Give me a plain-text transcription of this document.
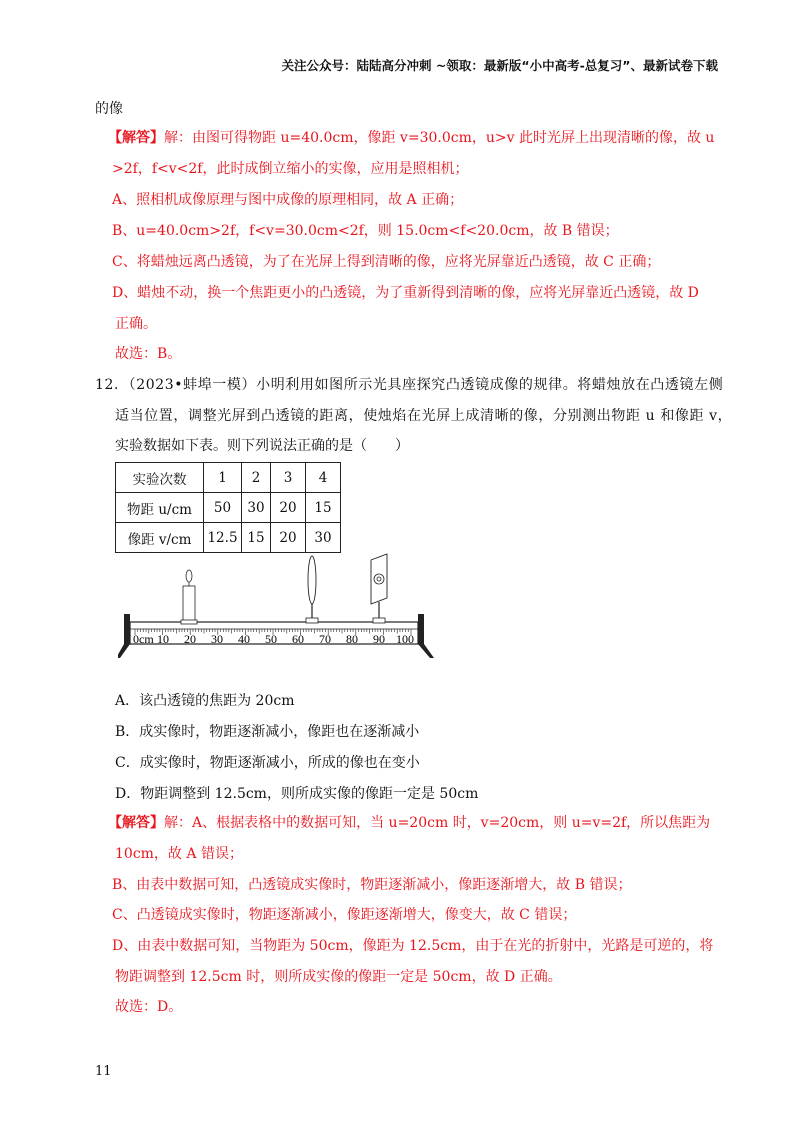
关注公众号：陆陆高分冲刺 ~领取：最新版“小中高考-总复习”、最新试卷下载
的像
【解答】解：由图可得物距 u=40.0cm，像距 v=30.0cm，u>v 此时光屏上出现清晰的像，故 u
>2f，f<v<2f，此时成倒立缩小的实像，应用是照相机；
A、照相机成像原理与图中成像的原理相同，故 A 正确；
B、u=40.0cm>2f，f<v=30.0cm<2f，则 15.0cm<f<20.0cm，故 B 错误；
C、将蜡烛远离凸透镜，为了在光屏上得到清晰的像，应将光屏靠近凸透镜，故 C 正确；
D、蜡烛不动，换一个焦距更小的凸透镜，为了重新得到清晰的像，应将光屏靠近凸透镜，故 D
正确。
故选：B。
12．（2023•蚌埠一模）小明利用如图所示光具座探究凸透镜成像的规律。将蜡烛放在凸透镜左侧
适当位置，调整光屏到凸透镜的距离，使烛焰在光屏上成清晰的像，分别测出物距 u 和像距 v，
实验数据如下表。则下列说法正确的是（　　）
实验次数	1	2	3	4
物距 u/cm	50	30	20	15
像距 v/cm	12.5	15	20	30
0cm 10 20 30 40 50 60 70 80 90 100
A．该凸透镜的焦距为 20cm
B．成实像时，物距逐渐减小，像距也在逐渐减小
C．成实像时，物距逐渐减小，所成的像也在变小
D．物距调整到 12.5cm，则所成实像的像距一定是 50cm
【解答】解：A、根据表格中的数据可知，当 u=20cm 时，v=20cm，则 u=v=2f，所以焦距为
10cm，故 A 错误；
B、由表中数据可知，凸透镜成实像时，物距逐渐减小，像距逐渐增大，故 B 错误；
C、凸透镜成实像时，物距逐渐减小，像距逐渐增大，像变大，故 C 错误；
D、由表中数据可知，当物距为 50cm，像距为 12.5cm，由于在光的折射中，光路是可逆的，将
物距调整到 12.5cm 时，则所成实像的像距一定是 50cm，故 D 正确。
故选：D。
11
